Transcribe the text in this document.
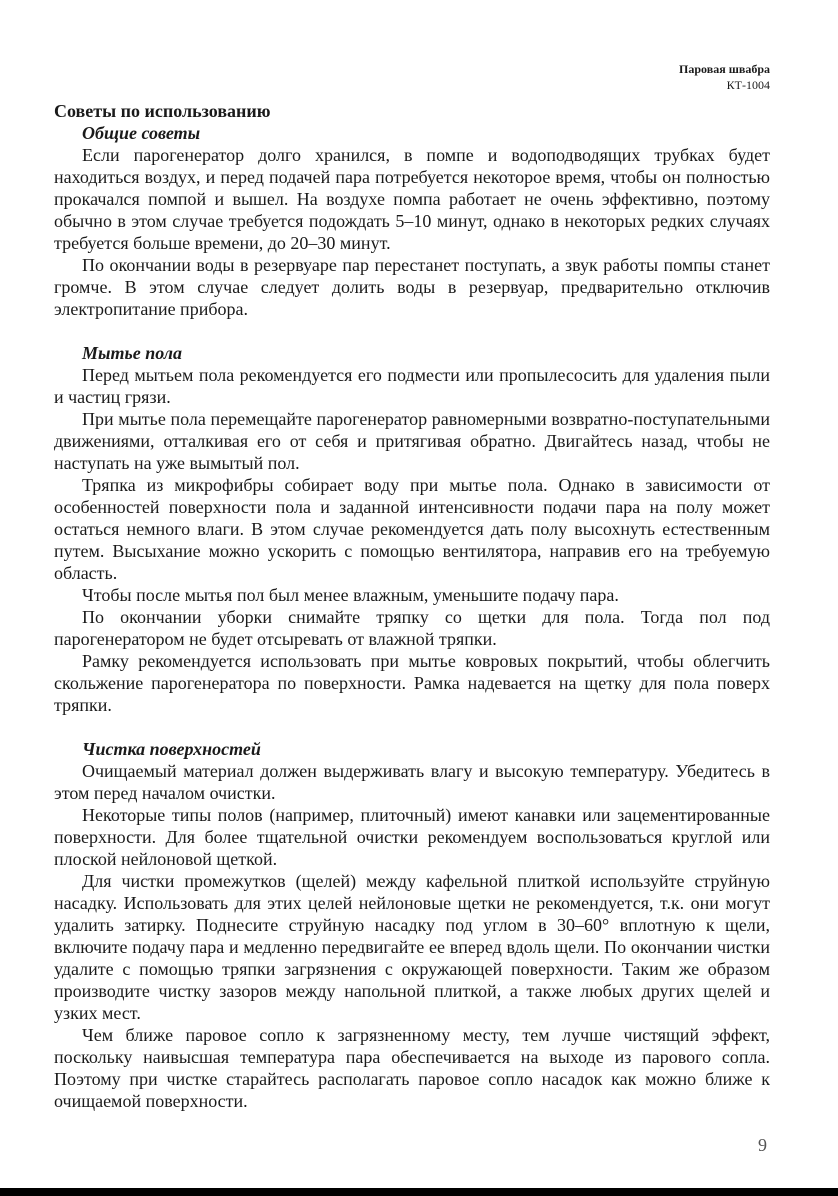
Паровая швабра
КТ-1004
Советы по использованию
Общие советы

Если парогенератор долго хранился, в помпе и водоподводящих трубках будет находиться воздух, и перед подачей пара потребуется некоторое время, чтобы он полностью прокачался помпой и вышел. На воздухе помпа работает не очень эффективно, поэтому обычно в этом случае требуется подождать 5–10 минут, однако в некоторых редких случаях требуется больше времени, до 20–30 минут.

По окончании воды в резервуаре пар перестанет поступать, а звук работы помпы станет громче. В этом случае следует долить воды в резервуар, предварительно отключив электропитание прибора.

Мытье пола

Перед мытьем пола рекомендуется его подмести или пропылесосить для удаления пыли и частиц грязи.

При мытье пола перемещайте парогенератор равномерными возвратно-поступательными движениями, отталкивая его от себя и притягивая обратно. Двигайтесь назад, чтобы не наступать на уже вымытый пол.

Тряпка из микрофибры собирает воду при мытье пола. Однако в зависимости от особенностей поверхности пола и заданной интенсивности подачи пара на полу может остаться немного влаги. В этом случае рекомендуется дать полу высохнуть естественным путем. Высыхание можно ускорить с помощью вентилятора, направив его на требуемую область.

Чтобы после мытья пол был менее влажным, уменьшите подачу пара.

По окончании уборки снимайте тряпку со щетки для пола. Тогда пол под парогенератором не будет отсыревать от влажной тряпки.

Рамку рекомендуется использовать при мытье ковровых покрытий, чтобы облегчить скольжение парогенератора по поверхности. Рамка надевается на щетку для пола поверх тряпки.

Чистка поверхностей

Очищаемый материал должен выдерживать влагу и высокую температуру. Убедитесь в этом перед началом очистки.

Некоторые типы полов (например, плиточный) имеют канавки или зацементированные поверхности. Для более тщательной очистки рекомендуем воспользоваться круглой или плоской нейлоновой щеткой.

Для чистки промежутков (щелей) между кафельной плиткой используйте струйную насадку. Использовать для этих целей нейлоновые щетки не рекомендуется, т.к. они могут удалить затирку. Поднесите струйную насадку под углом в 30–60° вплотную к щели, включите подачу пара и медленно передвигайте ее вперед вдоль щели. По окончании чистки удалите с помощью тряпки загрязнения с окружающей поверхности. Таким же образом производите чистку зазоров между напольной плиткой, а также любых других щелей и узких мест.

Чем ближе паровое сопло к загрязненному месту, тем лучше чистящий эффект, поскольку наивысшая температура пара обеспечивается на выходе из парового сопла. Поэтому при чистке старайтесь располагать паровое сопло насадок как можно ближе к очищаемой поверхности.

9
